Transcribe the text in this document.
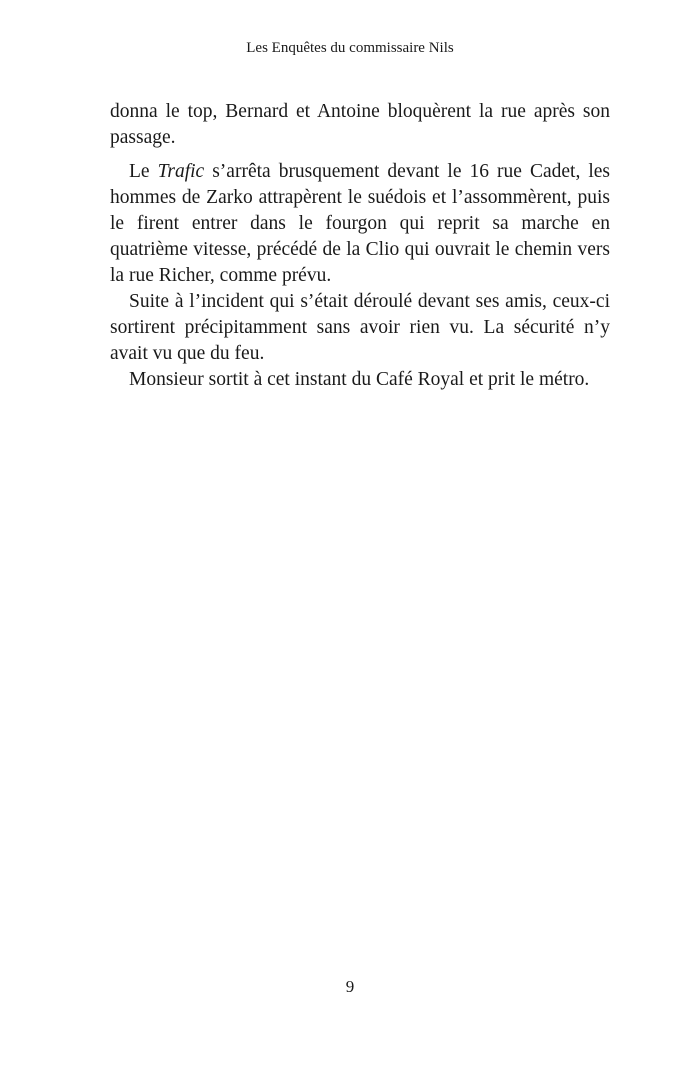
Les Enquêtes du commissaire Nils

donna le top, Bernard et Antoine bloquèrent la rue après son passage.

Le Trafic s’arrêta brusquement devant le 16 rue Cadet, les hommes de Zarko attrapèrent le suédois et l’assommèrent, puis le firent entrer dans le fourgon qui reprit sa marche en quatrième vitesse, précédé de la Clio qui ouvrait le chemin vers la rue Richer, comme prévu.

Suite à l’incident qui s’était déroulé devant ses amis, ceux-ci sortirent précipitamment sans avoir rien vu. La sécurité n’y avait vu que du feu.

Monsieur sortit à cet instant du Café Royal et prit le métro.

9
